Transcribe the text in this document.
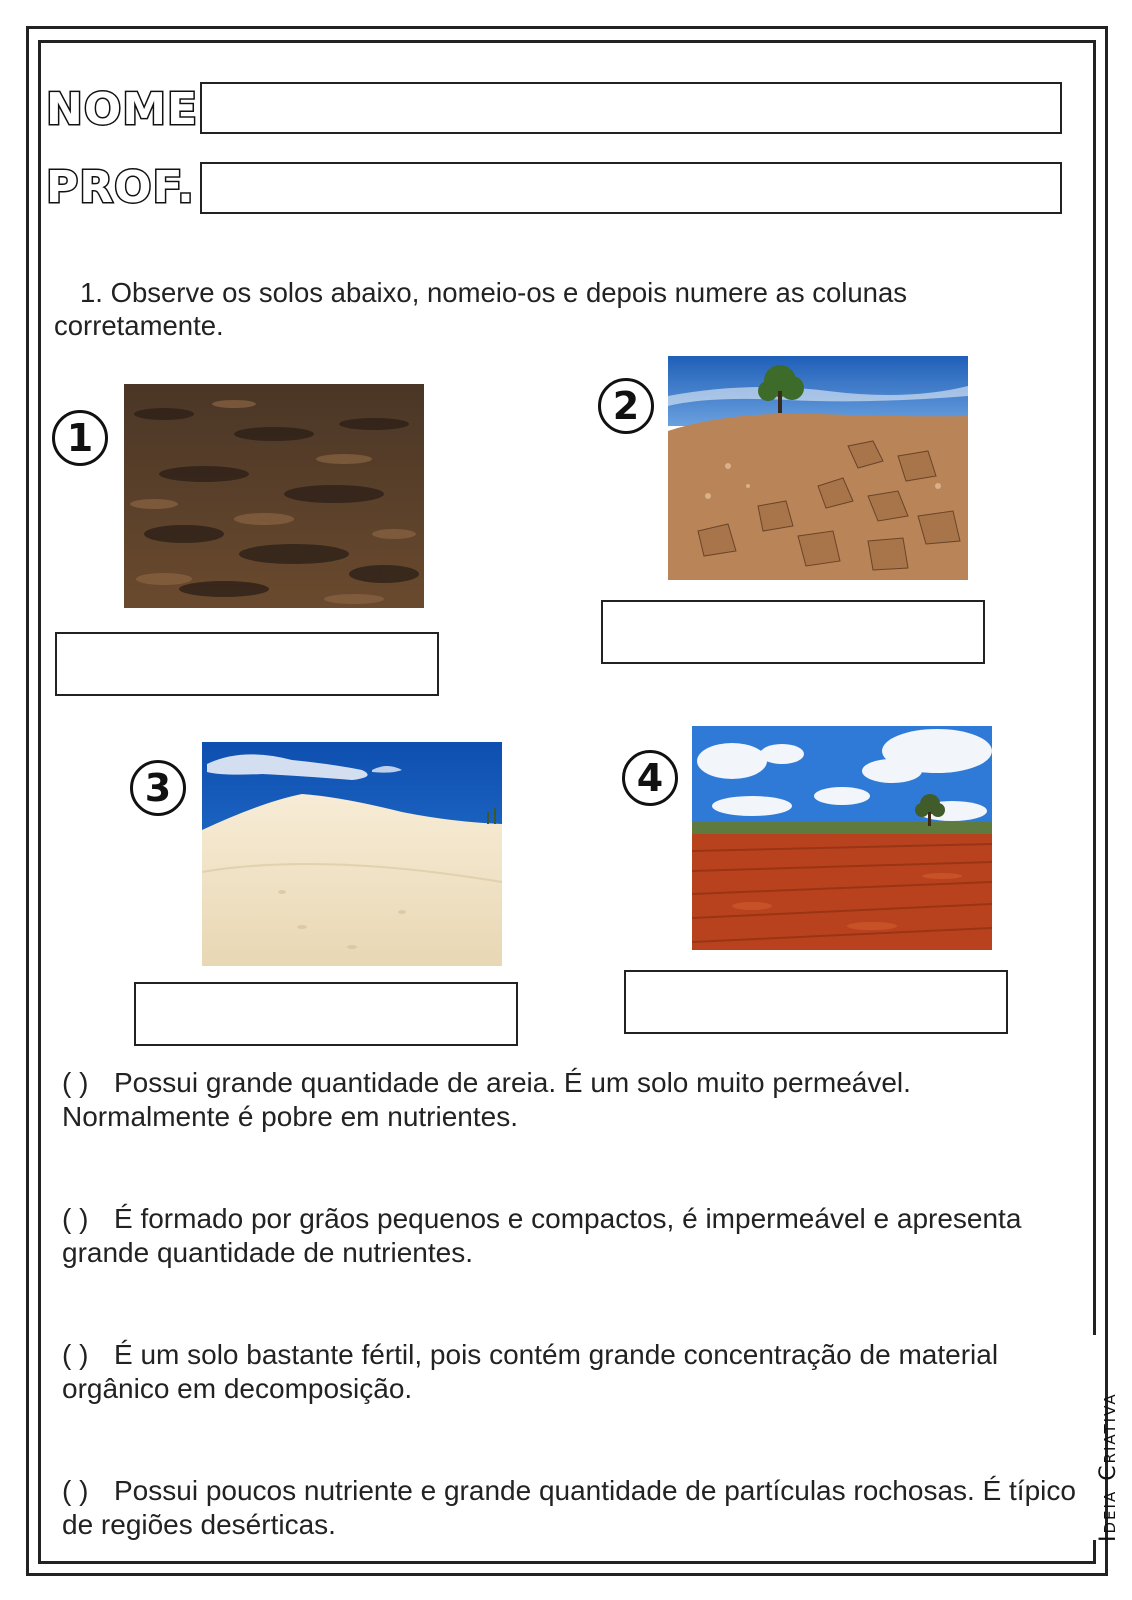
Ideia Criativa
NOME
PROF.
1. Observe os solos abaixo, nomeio-os e depois numere as colunas corretamente.
1
2
3	4
( ) Possui grande quantidade de areia. É um solo muito permeável. Normalmente é pobre em nutrientes.
( ) É formado por grãos pequenos e compactos, é impermeável e apresenta grande quantidade de nutrientes.
( ) É um solo bastante fértil, pois contém grande concentração de material orgânico em decomposição.
( ) Possui poucos nutriente e grande quantidade de partículas rochosas. É típico de regiões desérticas.
